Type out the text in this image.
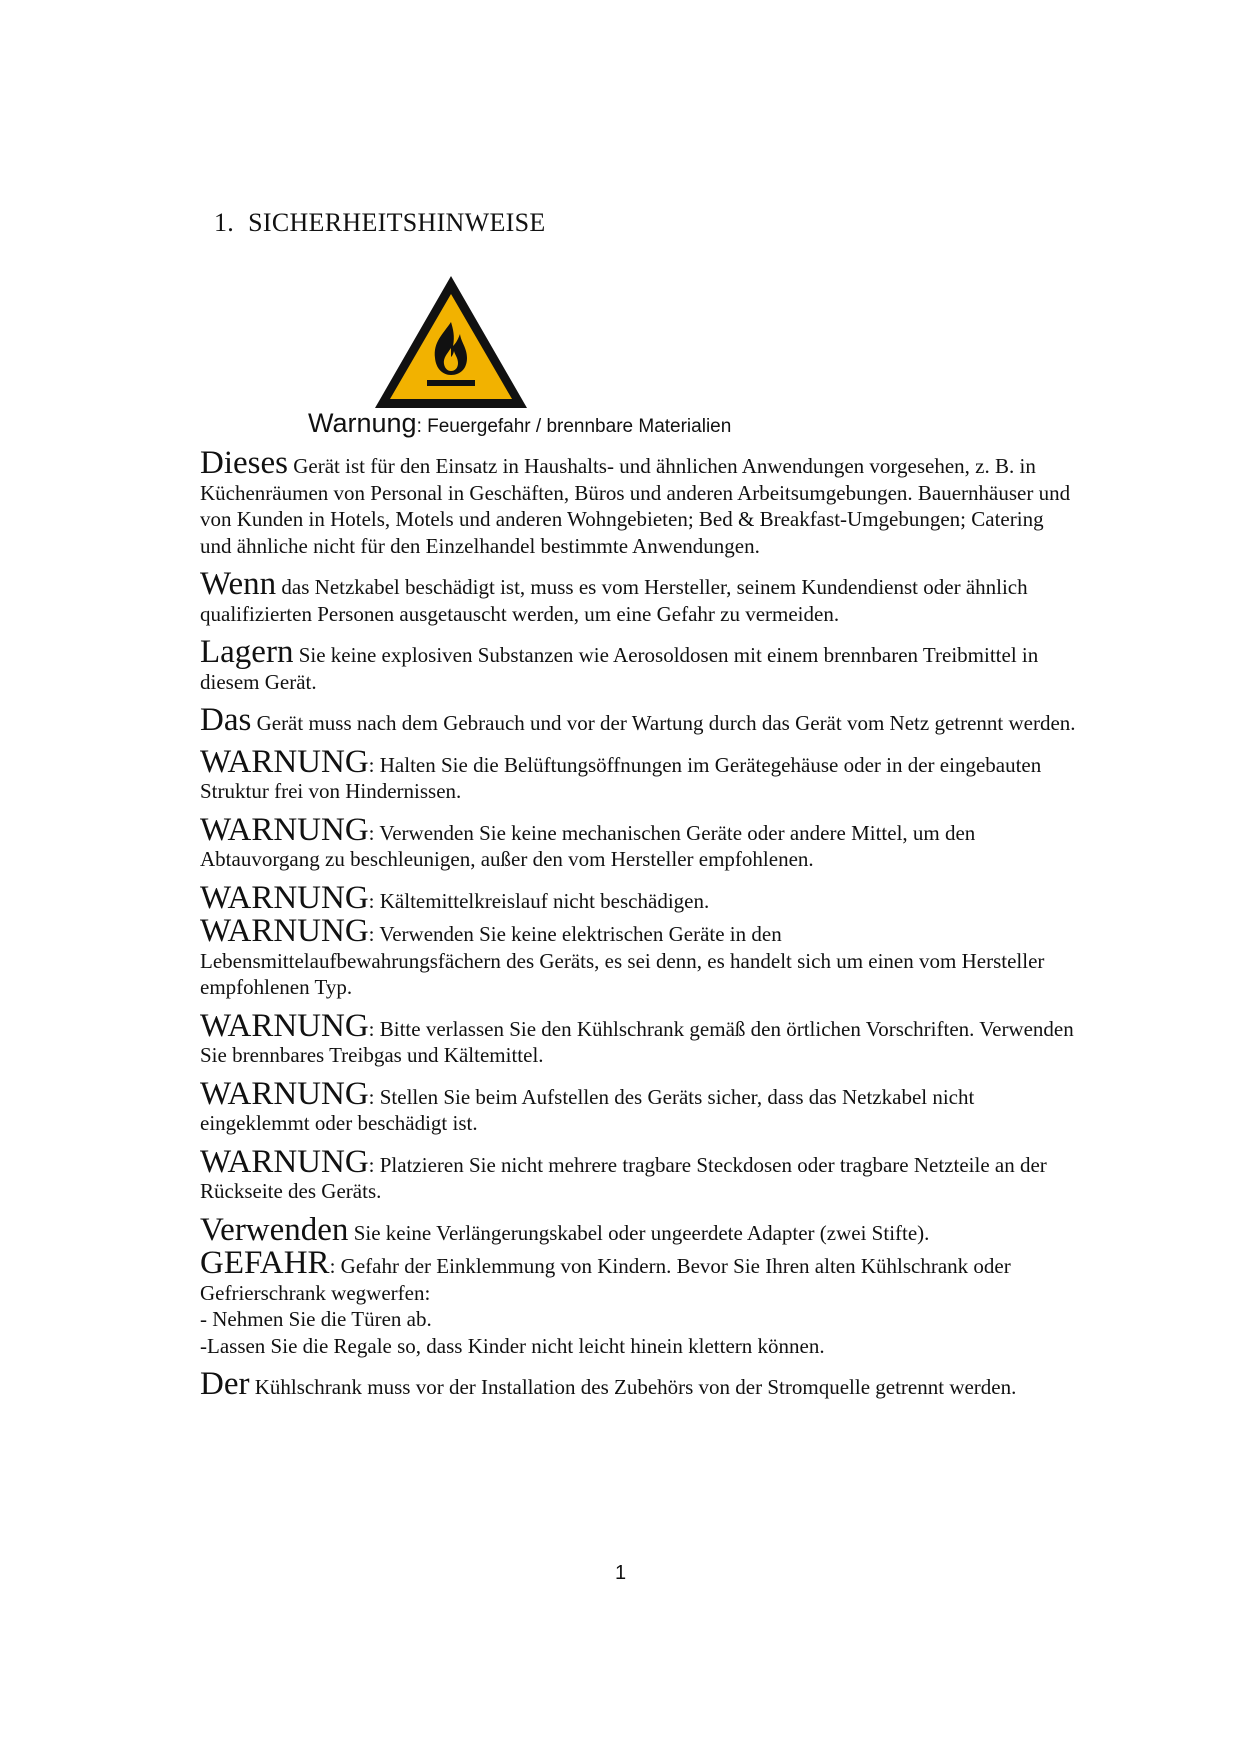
1. SICHERHEITSHINWEISE
Warnung: Feuergefahr / brennbare Materialien

Dieses Gerät ist für den Einsatz in Haushalts- und ähnlichen Anwendungen vorgesehen, z. B. in Küchenräumen von Personal in Geschäften, Büros und anderen Arbeitsumgebungen. Bauernhäuser und von Kunden in Hotels, Motels und anderen Wohngebieten; Bed & Breakfast-Umgebungen; Catering und ähnliche nicht für den Einzelhandel bestimmte Anwendungen.

Wenn das Netzkabel beschädigt ist, muss es vom Hersteller, seinem Kundendienst oder ähnlich qualifizierten Personen ausgetauscht werden, um eine Gefahr zu vermeiden.

Lagern Sie keine explosiven Substanzen wie Aerosoldosen mit einem brennbaren Treibmittel in diesem Gerät.

Das Gerät muss nach dem Gebrauch und vor der Wartung durch das Gerät vom Netz getrennt werden.

WARNUNG: Halten Sie die Belüftungsöffnungen im Gerätegehäuse oder in der eingebauten Struktur frei von Hindernissen.

WARNUNG: Verwenden Sie keine mechanischen Geräte oder andere Mittel, um den Abtauvorgang zu beschleunigen, außer den vom Hersteller empfohlenen.

WARNUNG: Kältemittelkreislauf nicht beschädigen.

WARNUNG: Verwenden Sie keine elektrischen Geräte in den Lebensmittelaufbewahrungsfächern des Geräts, es sei denn, es handelt sich um einen vom Hersteller empfohlenen Typ.

WARNUNG: Bitte verlassen Sie den Kühlschrank gemäß den örtlichen Vorschriften. Verwenden Sie brennbares Treibgas und Kältemittel.

WARNUNG: Stellen Sie beim Aufstellen des Geräts sicher, dass das Netzkabel nicht eingeklemmt oder beschädigt ist.

WARNUNG: Platzieren Sie nicht mehrere tragbare Steckdosen oder tragbare Netzteile an der Rückseite des Geräts.

Verwenden Sie keine Verlängerungskabel oder ungeerdete Adapter (zwei Stifte).

GEFAHR: Gefahr der Einklemmung von Kindern. Bevor Sie Ihren alten Kühlschrank oder Gefrierschrank wegwerfen:
- Nehmen Sie die Türen ab.
-Lassen Sie die Regale so, dass Kinder nicht leicht hinein klettern können.

Der Kühlschrank muss vor der Installation des Zubehörs von der Stromquelle getrennt werden.

1
